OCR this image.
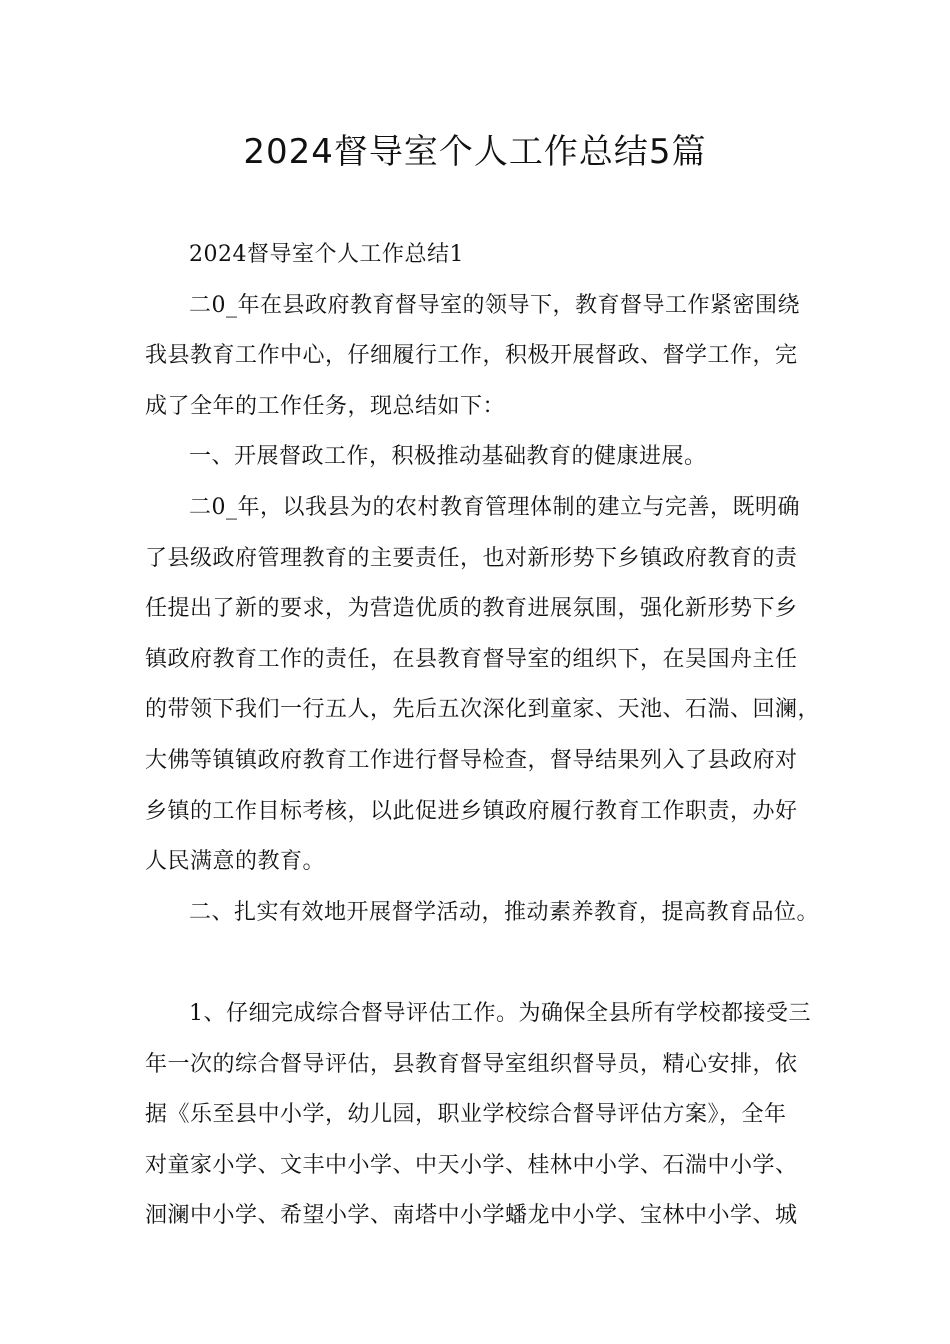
2024督导室个人工作总结5篇
2024督导室个人工作总结1
二0_年在县政府教育督导室的领导下，教育督导工作紧密围绕
我县教育工作中心，仔细履行工作，积极开展督政、督学工作，完
成了全年的工作任务，现总结如下：
一、开展督政工作，积极推动基础教育的健康进展。
二0_年，以我县为的农村教育管理体制的建立与完善，既明确
了县级政府管理教育的主要责任，也对新形势下乡镇政府教育的责
任提出了新的要求，为营造优质的教育进展氛围，强化新形势下乡
镇政府教育工作的责任，在县教育督导室的组织下，在吴国舟主任
的带领下我们一行五人，先后五次深化到童家、天池、石湍、回澜，
大佛等镇镇政府教育工作进行督导检查，督导结果列入了县政府对
乡镇的工作目标考核，以此促进乡镇政府履行教育工作职责，办好
人民满意的教育。
二、扎实有效地开展督学活动，推动素养教育，提高教育品位。
1、仔细完成综合督导评估工作。为确保全县所有学校都接受三
年一次的综合督导评估，县教育督导室组织督导员，精心安排，依
据《乐至县中小学，幼儿园，职业学校综合督导评估方案》，全年
对童家小学、文丰中小学、中天小学、桂林中小学、石湍中小学、
洄澜中小学、希望小学、南塔中小学蟠龙中小学、宝林中小学、城
